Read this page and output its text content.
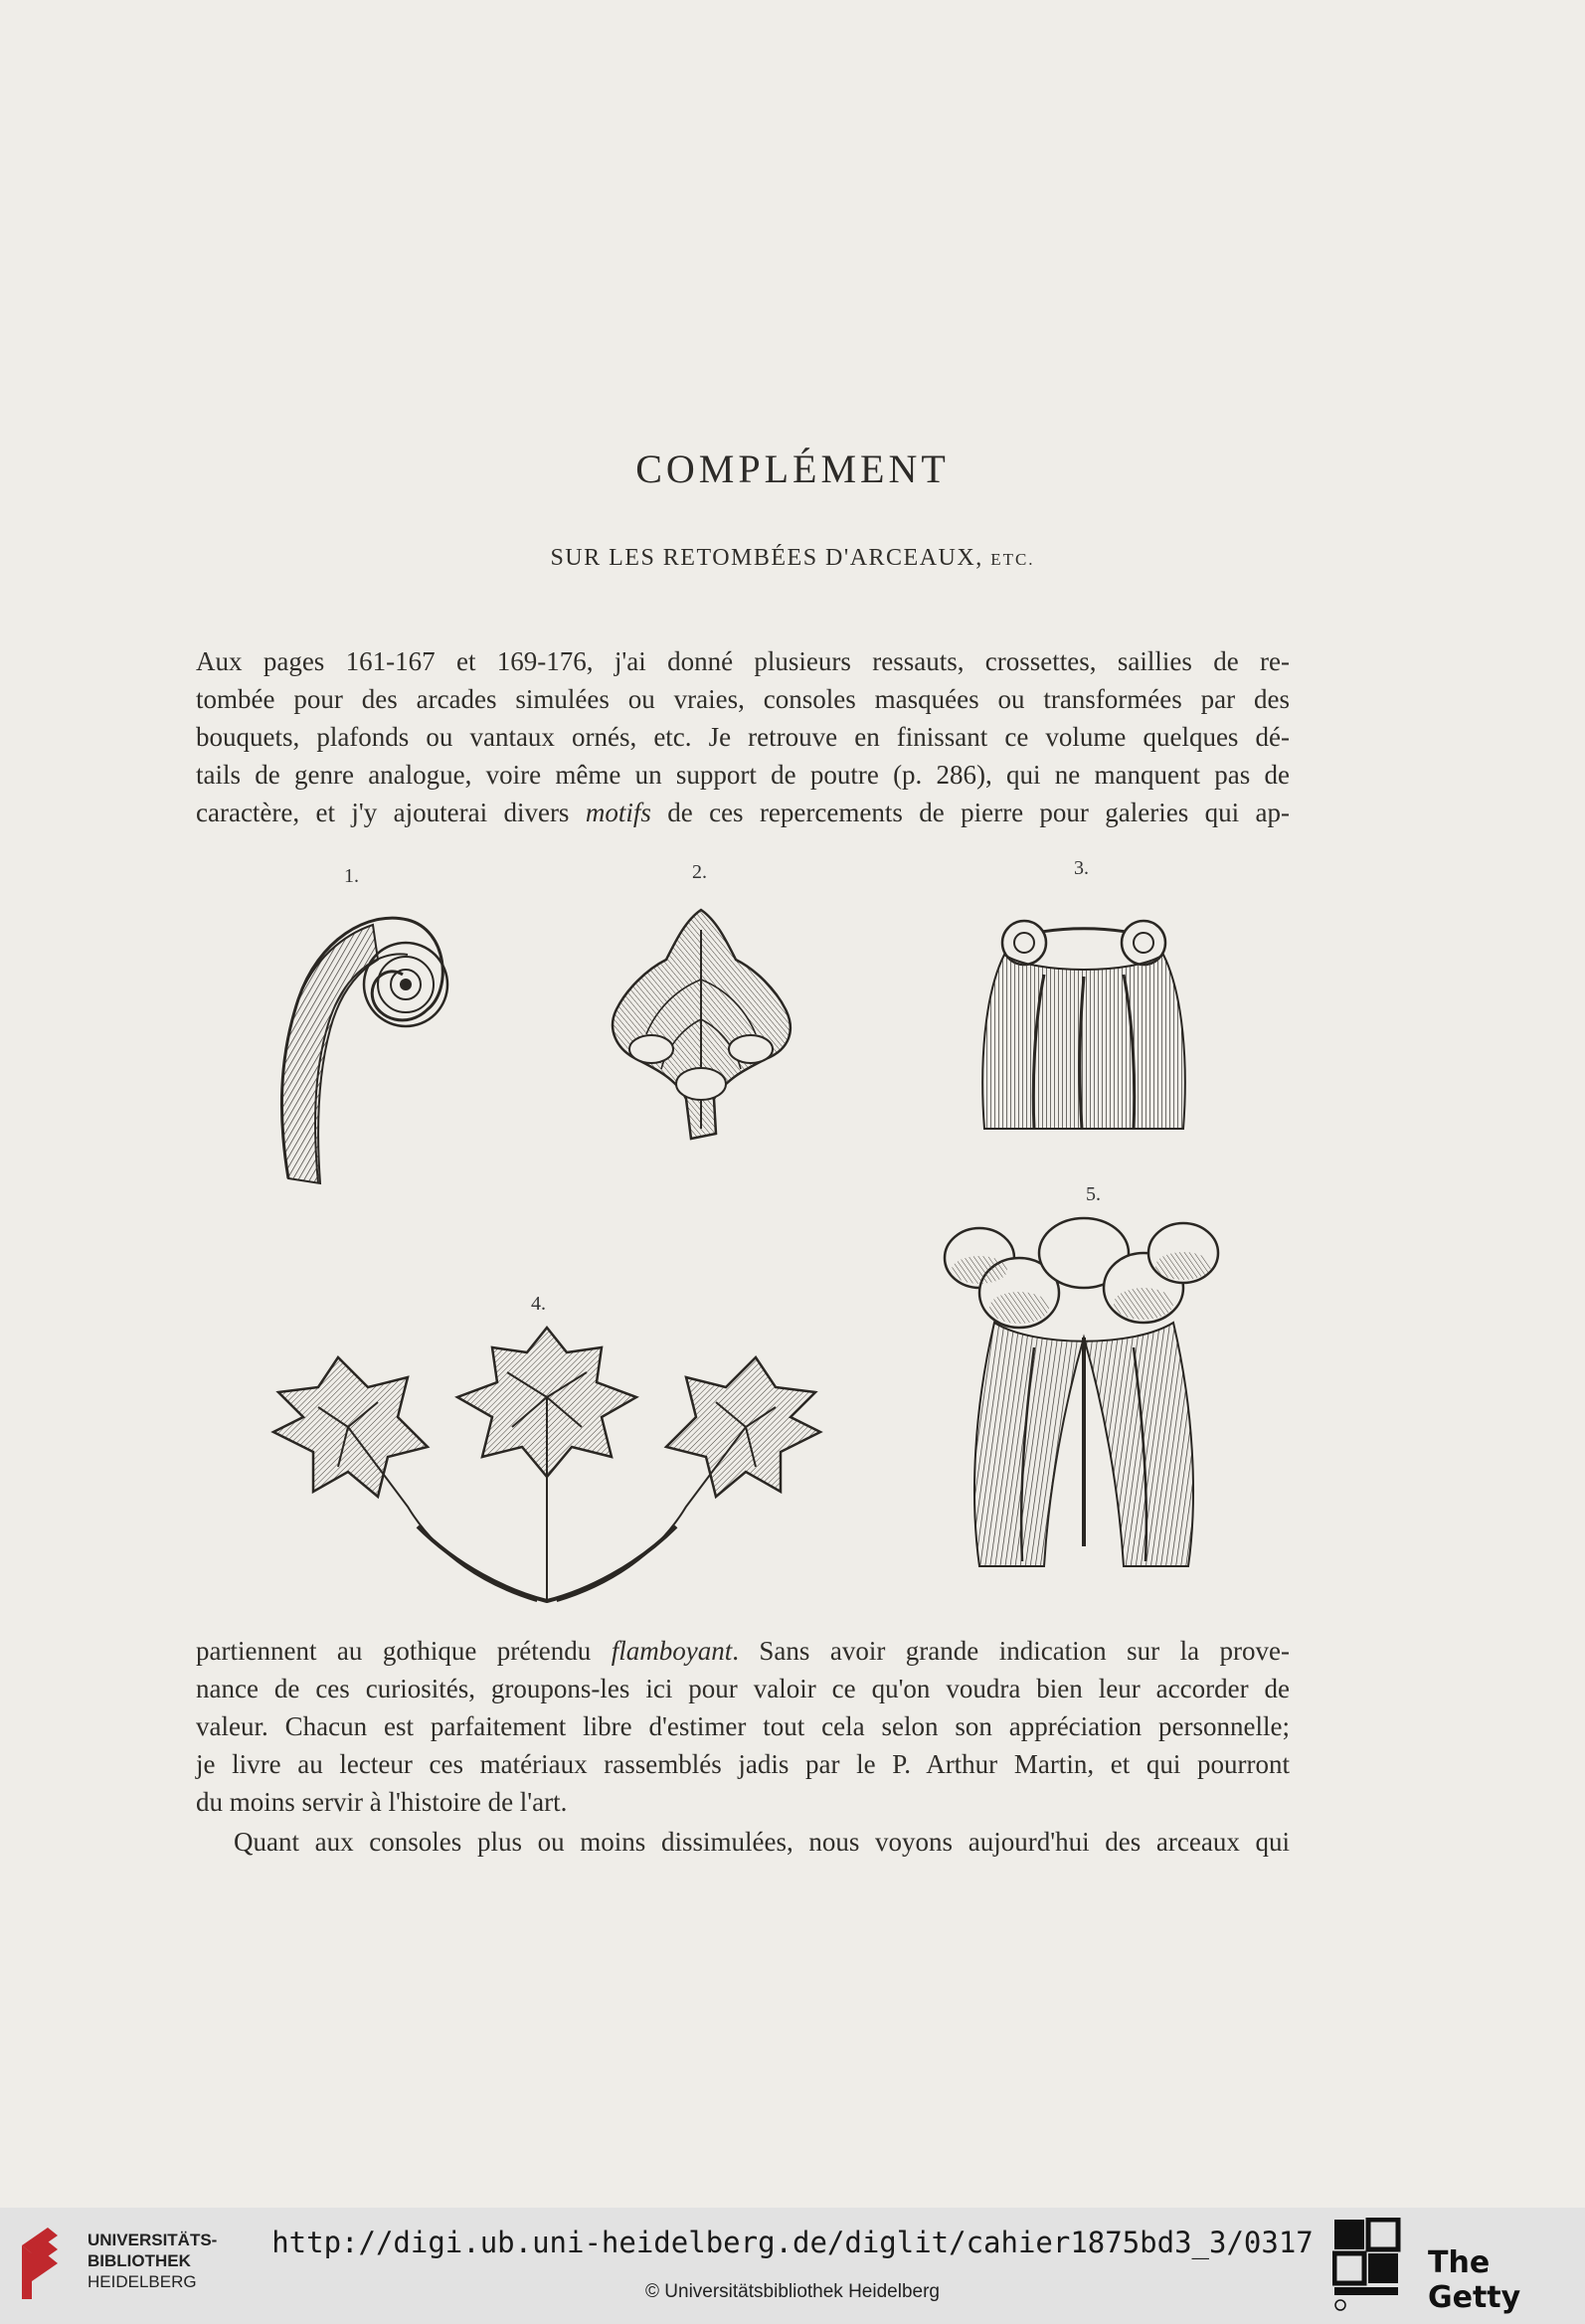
COMPLÉMENT
SUR LES RETOMBÉES D'ARCEAUX, ETC.
Aux pages 161-167 et 169-176, j'ai donné plusieurs ressauts, crossettes, saillies de re-
tombée pour des arcades simulées ou vraies, consoles masquées ou transformées par des
bouquets, plafonds ou vantaux ornés, etc. Je retrouve en finissant ce volume quelques dé-
tails de genre analogue, voire même un support de poutre (p. 286), qui ne manquent pas de
caractère, et j'y ajouterai divers motifs de ces repercements de pierre pour galeries qui ap-
1.	2.	3.
4.
5.
partiennent au gothique prétendu flamboyant. Sans avoir grande indication sur la prove-
nance de ces curiosités, groupons-les ici pour valoir ce qu'on voudra bien leur accorder de
valeur. Chacun est parfaitement libre d'estimer tout cela selon son appréciation personnelle;
je livre au lecteur ces matériaux rassemblés jadis par le P. Arthur Martin, et qui pourront
du moins servir à l'histoire de l'art.
Quant aux consoles plus ou moins dissimulées, nous voyons aujourd'hui des arceaux qui
UNIVERSITÄTS-
BIBLIOTHEK
HEIDELBERG
http://digi.ub.uni-heidelberg.de/diglit/cahier1875bd3_3/0317
© Universitätsbibliothek Heidelberg
The Getty
